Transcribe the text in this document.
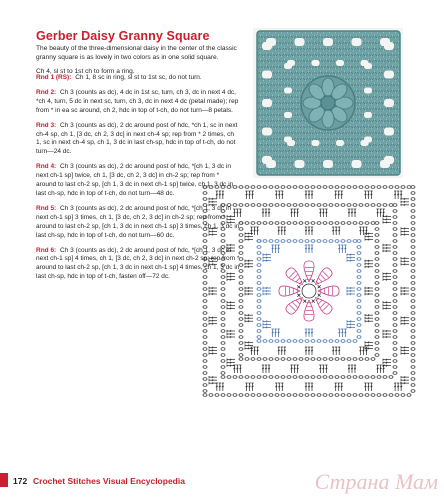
Gerber Daisy Granny Square

The beauty of the three-dimensional daisy in the center of the classic granny square is as lovely in two colors as in one solid square.

Ch 4, sl st to 1st ch to form a ring.

Rnd 1 (RS): Ch 1, 8 sc in ring, sl st to 1st sc, do not turn.
Rnd 2: Ch 3 (counts as dc), 4 dc in 1st sc, turn, ch 3, dc in next 4 dc, *ch 4, turn, 5 dc in next sc, turn, ch 3, dc in next 4 dc (petal made); rep from * in ea sc around, ch 2, hdc in top of t-ch, do not turn—8 petals.
Rnd 3: Ch 3 (counts as dc), 2 dc around post of hdc, *ch 1, sc in next ch-4 sp, ch 1, [3 dc, ch 2, 3 dc] in next ch-4 sp; rep from * 2 times, ch 1, sc in next ch-4 sp, ch 1, 3 dc in last ch-sp, hdc in top of t-ch, do not turn—24 dc.
Rnd 4: Ch 3 (counts as dc), 2 dc around post of hdc, *[ch 1, 3 dc in next ch-1 sp] twice, ch 1, [3 dc, ch 2, 3 dc] in ch-2 sp; rep from * around to last ch-2 sp, [ch 1, 3 dc in next ch-1 sp] twice, ch 1, 3 dc in last ch-sp, hdc in top of t-ch, do not turn—48 dc.
Rnd 5: Ch 3 (counts as dc), 2 dc around post of hdc, *[ch 1, 3 dc in next ch-1 sp] 3 times, ch 1, [3 dc, ch 2, 3 dc] in ch-2 sp; rep from * around to last ch-2 sp, [ch 1, 3 dc in next ch-1 sp] 3 times, ch 1, 3 dc in last ch-sp, hdc in top of t-ch, do not turn—60 dc.
Rnd 6: Ch 3 (counts as dc), 2 dc around post of hdc, *[ch 1, 3 dc in next ch-1 sp] 4 times, ch 1, [3 dc, ch 2, 3 dc] in next ch-2 sp; rep from * around to last ch-2 sp, [ch 1, 3 dc in next ch-1 sp] 4 times, ch 1, 3 dc in last ch-sp, hdc in top of t-ch, fasten off—72 dc.
172 Crochet Stitches Visual Encyclopedia	Страна Мам
